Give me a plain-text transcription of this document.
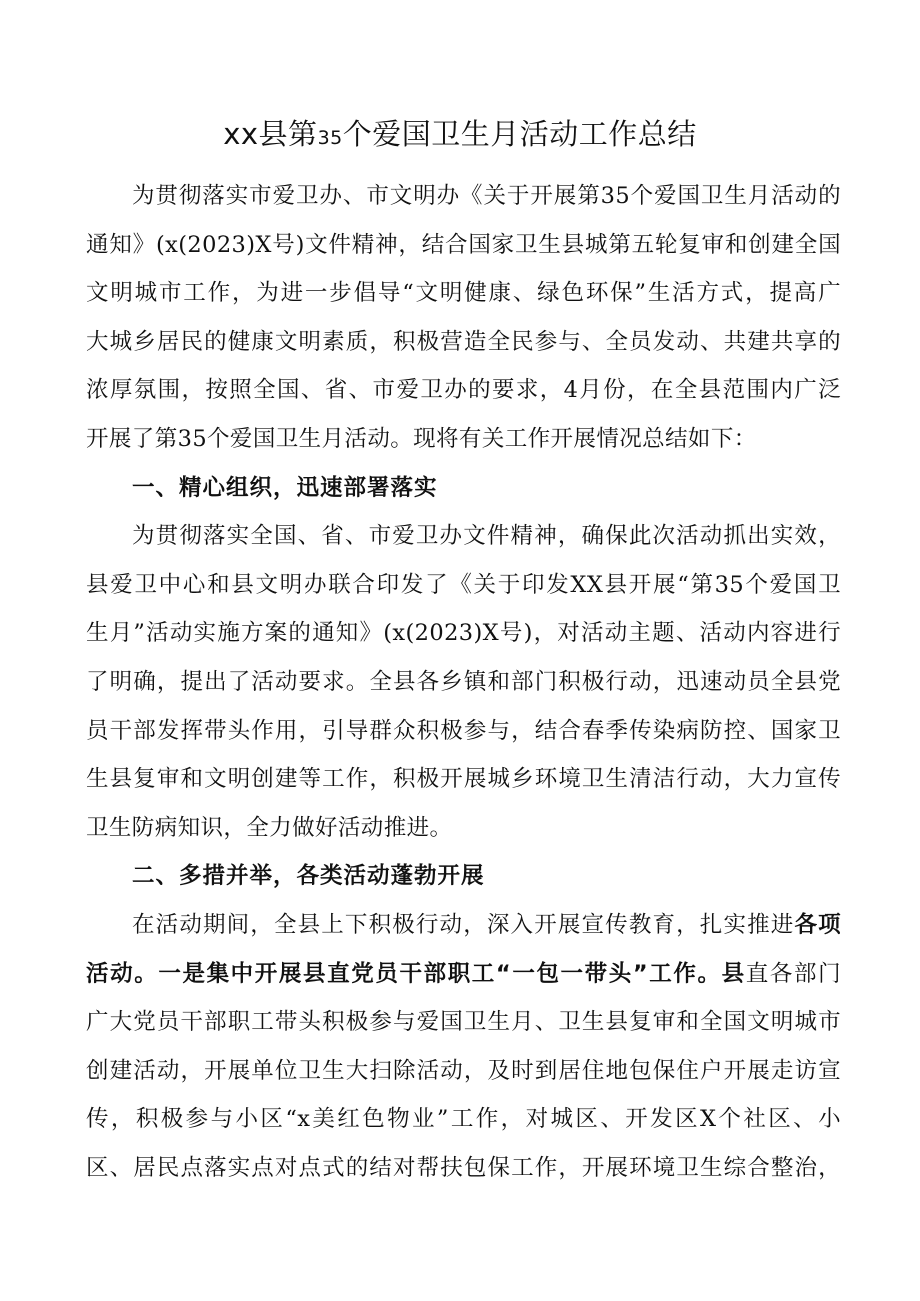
xx县第35个爱国卫生月活动工作总结

为贯彻落实市爱卫办、市文明办《关于开展第35个爱国卫生月活动的
通知》(x(2023)X号)文件精神，结合国家卫生县城第五轮复审和创建全国
文明城市工作，为进一步倡导“文明健康、绿色环保”生活方式，提高广
大城乡居民的健康文明素质，积极营造全民参与、全员发动、共建共享的
浓厚氛围，按照全国、省、市爱卫办的要求，4月份，在全县范围内广泛
开展了第35个爱国卫生月活动。现将有关工作开展情况总结如下：

一、精心组织，迅速部署落实

为贯彻落实全国、省、市爱卫办文件精神，确保此次活动抓出实效，
县爱卫中心和县文明办联合印发了《关于印发XX县开展“第35个爱国卫
生月”活动实施方案的通知》(x(2023)X号)，对活动主题、活动内容进行
了明确，提出了活动要求。全县各乡镇和部门积极行动，迅速动员全县党
员干部发挥带头作用，引导群众积极参与，结合春季传染病防控、国家卫
生县复审和文明创建等工作，积极开展城乡环境卫生清洁行动，大力宣传
卫生防病知识，全力做好活动推进。

二、多措并举，各类活动蓬勃开展

在活动期间，全县上下积极行动，深入开展宣传教育，扎实推进各项
活动。一是集中开展县直党员干部职工“一包一带头”工作。县直各部门
广大党员干部职工带头积极参与爱国卫生月、卫生县复审和全国文明城市
创建活动，开展单位卫生大扫除活动，及时到居住地包保住户开展走访宣
传，积极参与小区“x美红色物业”工作，对城区、开发区X个社区、小
区、居民点落实点对点式的结对帮扶包保工作，开展环境卫生综合整治，
